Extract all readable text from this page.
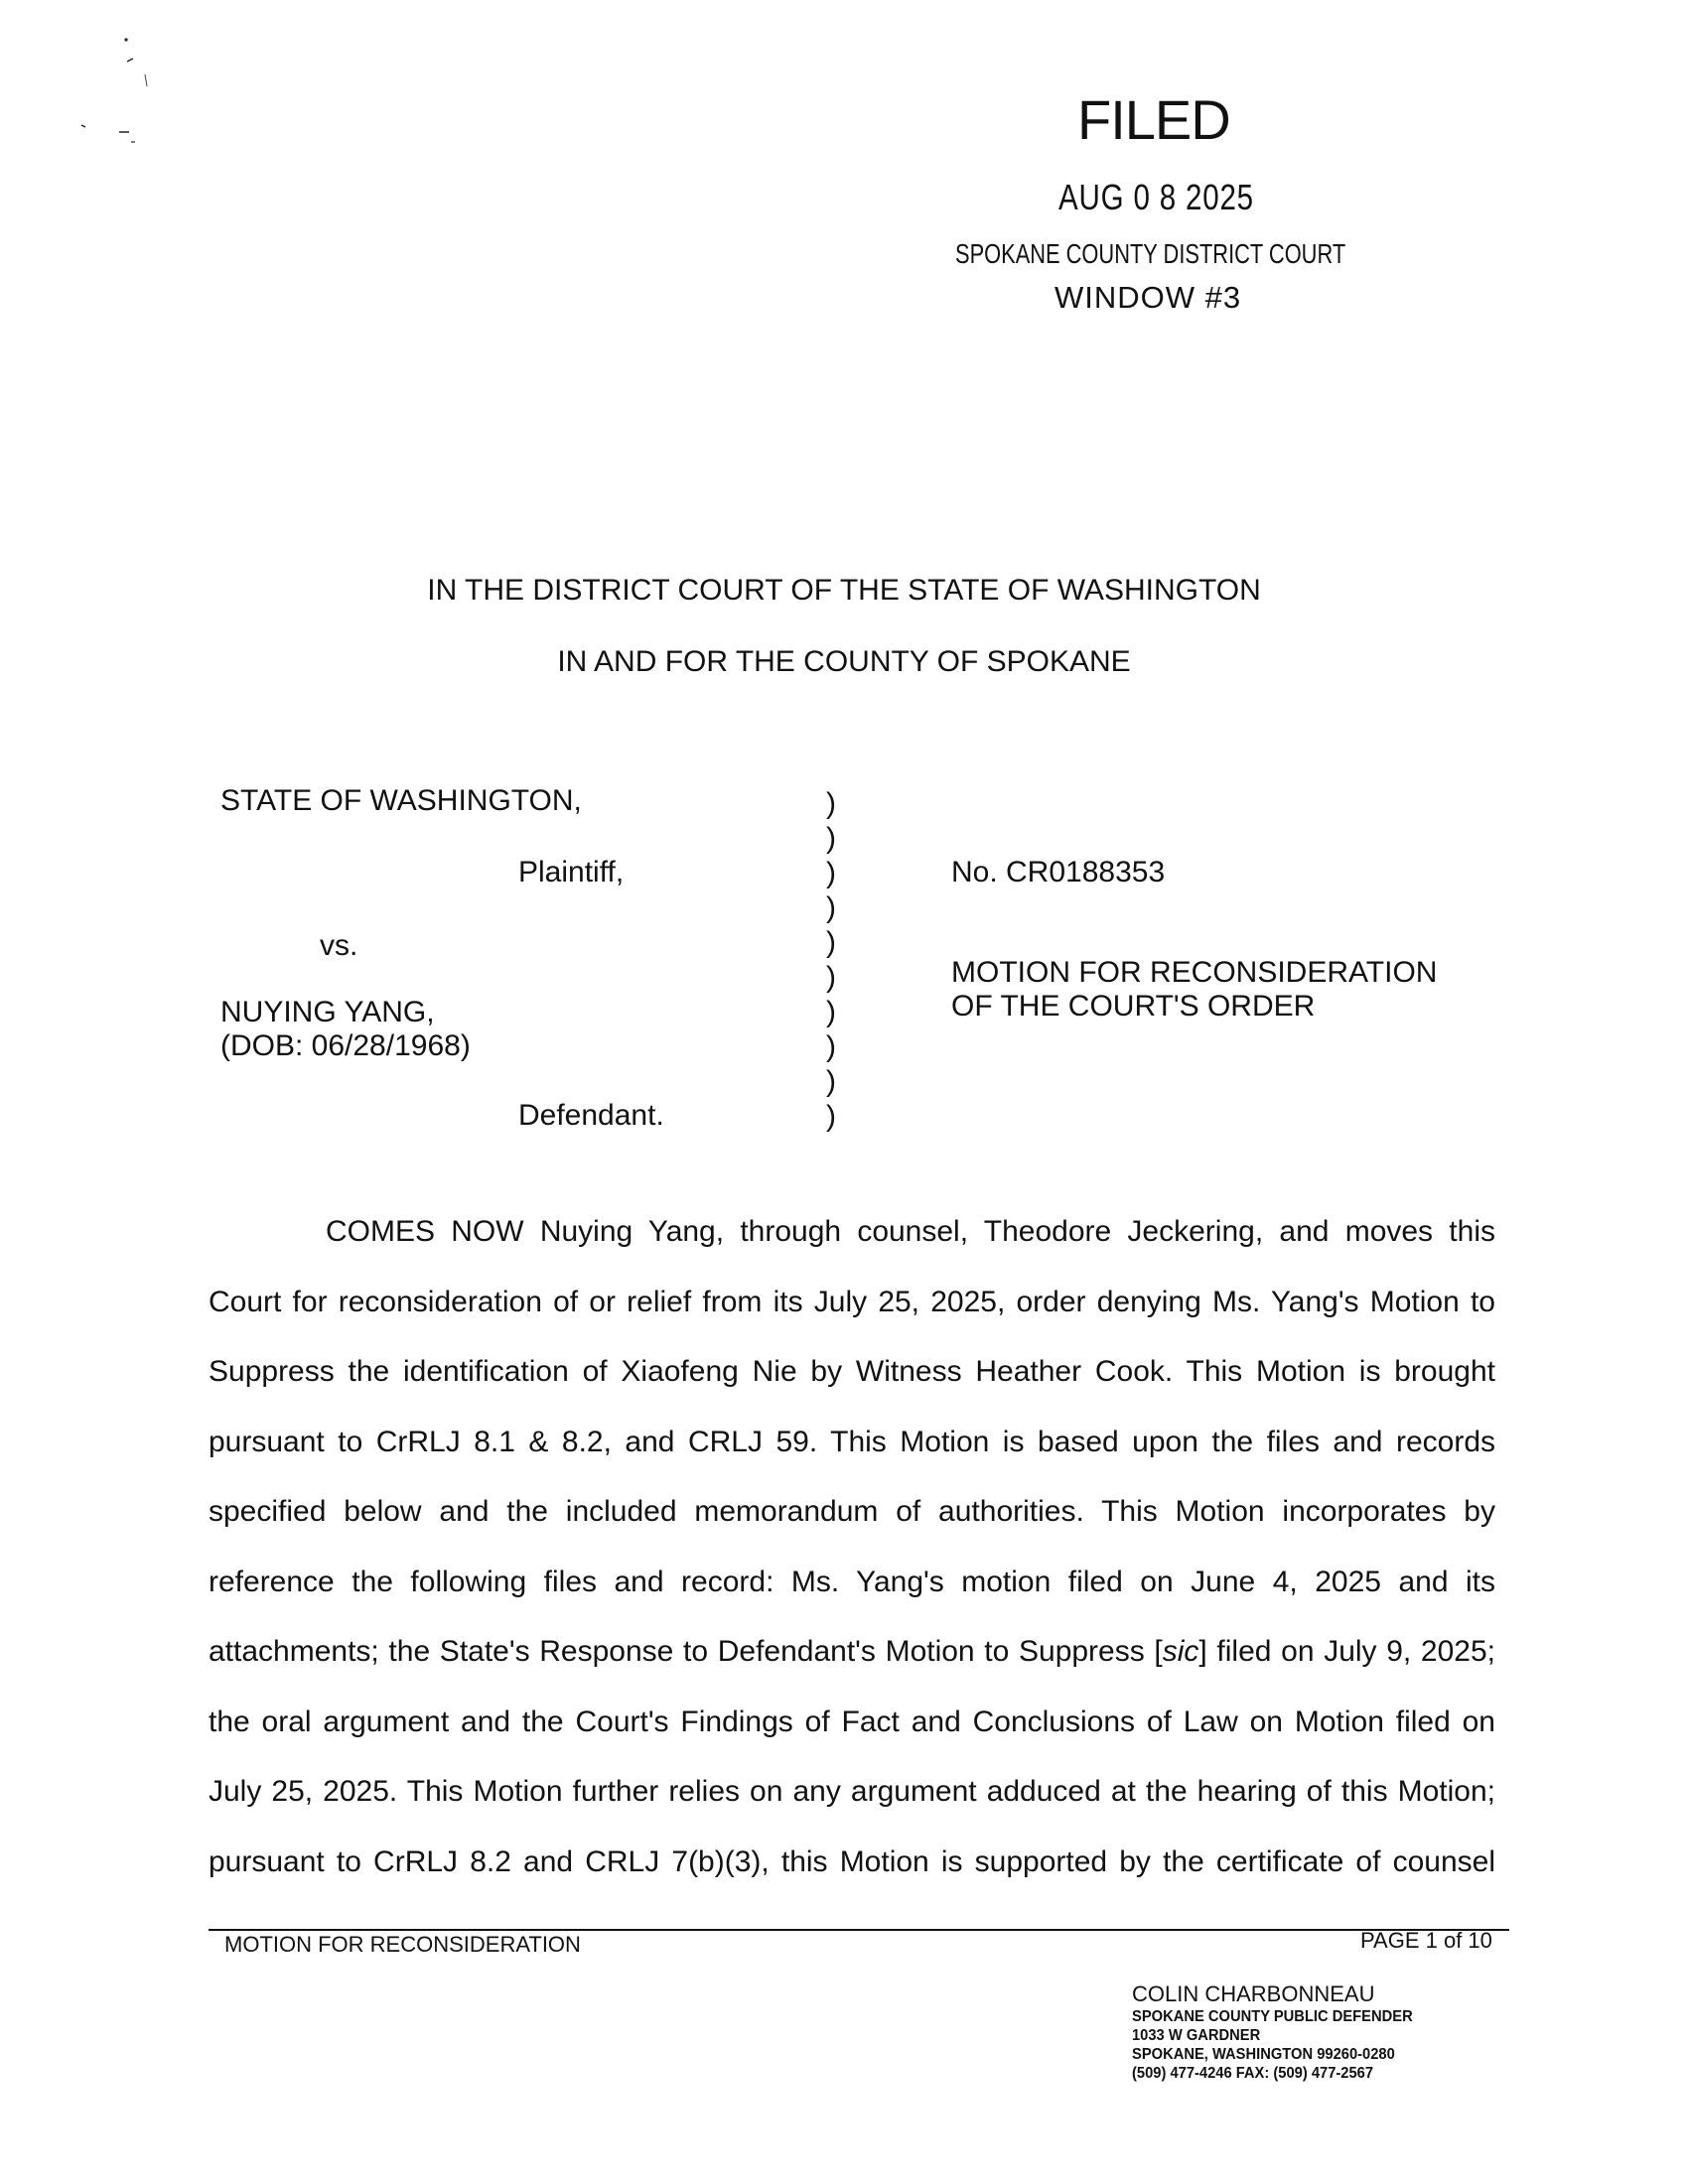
FILED
AUG 0 8 2025
SPOKANE COUNTY DISTRICT COURT
WINDOW #3
IN THE DISTRICT COURT OF THE STATE OF WASHINGTON
IN AND FOR THE COUNTY OF SPOKANE
STATE OF WASHINGTON,
Plaintiff,
vs.
NUYING YANG,
(DOB: 06/28/1968)
Defendant.
)
)
)
)
)
)
)
)
)
)
No. CR0188353
MOTION FOR RECONSIDERATION
OF THE COURT'S ORDER
COMES NOW Nuying Yang, through counsel, Theodore Jeckering, and moves this Court for reconsideration of or relief from its July 25, 2025, order denying Ms. Yang's Motion to Suppress the identification of Xiaofeng Nie by Witness Heather Cook. This Motion is brought pursuant to CrRLJ 8.1 & 8.2, and CRLJ 59. This Motion is based upon the files and records specified below and the included memorandum of authorities. This Motion incorporates by reference the following files and record: Ms. Yang's motion filed on June 4, 2025 and its attachments; the State's Response to Defendant's Motion to Suppress [sic] filed on July 9, 2025; the oral argument and the Court's Findings of Fact and Conclusions of Law on Motion filed on July 25, 2025. This Motion further relies on any argument adduced at the hearing of this Motion; pursuant to CrRLJ 8.2 and CRLJ 7(b)(3), this Motion is supported by the certificate of counsel
MOTION FOR RECONSIDERATION	PAGE 1 of 10
COLIN CHARBONNEAU
SPOKANE COUNTY PUBLIC DEFENDER
1033 W GARDNER
SPOKANE, WASHINGTON 99260-0280
(509) 477-4246 FAX: (509) 477-2567
